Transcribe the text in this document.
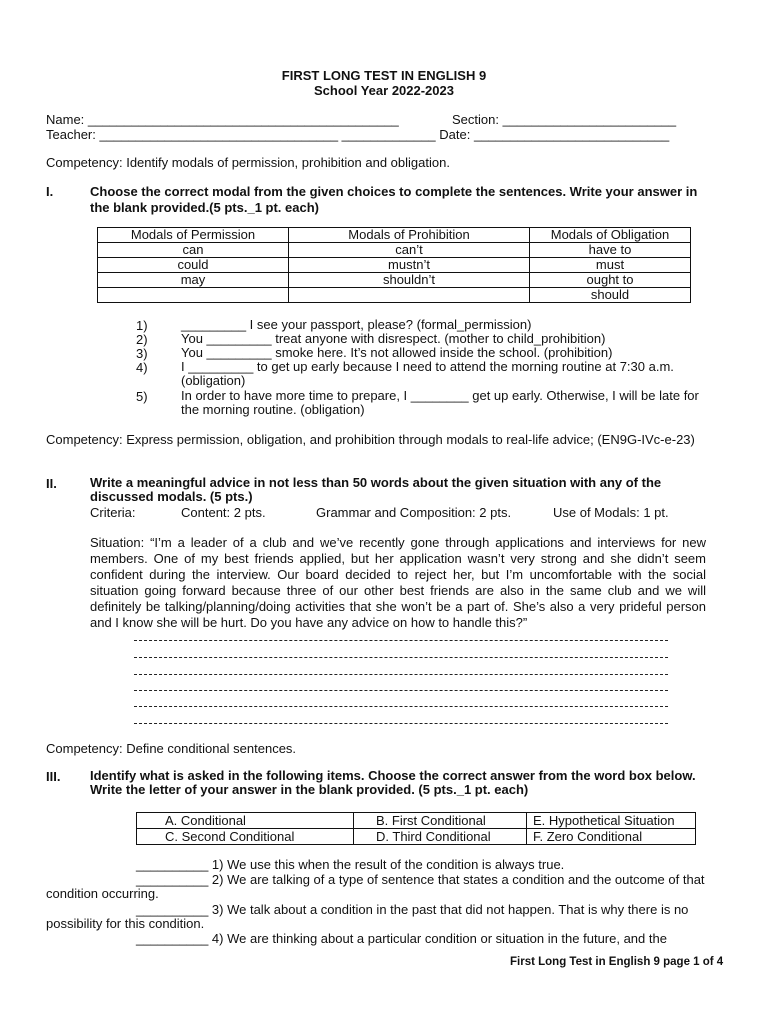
FIRST LONG TEST IN ENGLISH 9
School Year 2022-2023
Name: ___________________________________________	Section: ________________________
Teacher: _________________________________ _____________ Date: ___________________________
Competency: Identify modals of permission, prohibition and obligation.
I.	Choose the correct modal from the given choices to complete the sentences. Write your answer in the blank provided.(5 pts._1 pt. each)
Modals of Permission	Modals of Prohibition	Modals of Obligation
can	can’t	have to
could	mustn’t	must
may	shouldn’t	ought to
		should
1)	_________ I see your passport, please? (formal_permission)
2)	You _________ treat anyone with disrespect. (mother to child_prohibition)
3)	You _________ smoke here. It’s not allowed inside the school. (prohibition)
4)	I _________ to get up early because I need to attend the morning routine at 7:30 a.m. (obligation)
5)	In order to have more time to prepare, I ________ get up early. Otherwise, I will be late for the morning routine. (obligation)
Competency: Express permission, obligation, and prohibition through modals to real-life advice; (EN9G-IVc-e-23)
II.	Write a meaningful advice in not less than 50 words about the given situation with any of the discussed modals. (5 pts.)
Criteria:	Content: 2 pts.	Grammar and Composition: 2 pts.	Use of Modals: 1 pt.
Situation: “I’m a leader of a club and we’ve recently gone through applications and interviews for new members. One of my best friends applied, but her application wasn’t very strong and she didn’t seem confident during the interview. Our board decided to reject her, but I’m uncomfortable with the social situation going forward because three of our other best friends are also in the same club and we will definitely be talking/planning/doing activities that she won’t be a part of. She’s also a very prideful person and I know she will be hurt. Do you have any advice on how to handle this?”
Competency: Define conditional sentences.
III. Identify what is asked in the following items. Choose the correct answer from the word box below. Write the letter of your answer in the blank provided. (5 pts._1 pt. each)
A. Conditional	B. First Conditional	E. Hypothetical Situation
C. Second Conditional	D. Third Conditional	F. Zero Conditional
__________ 1) We use this when the result of the condition is always true.
__________ 2) We are talking of a type of sentence that states a condition and the outcome of that condition occurring.
__________ 3) We talk about a condition in the past that did not happen. That is why there is no possibility for this condition.
__________ 4) We are thinking about a particular condition or situation in the future, and the
First Long Test in English 9 page 1 of 4
